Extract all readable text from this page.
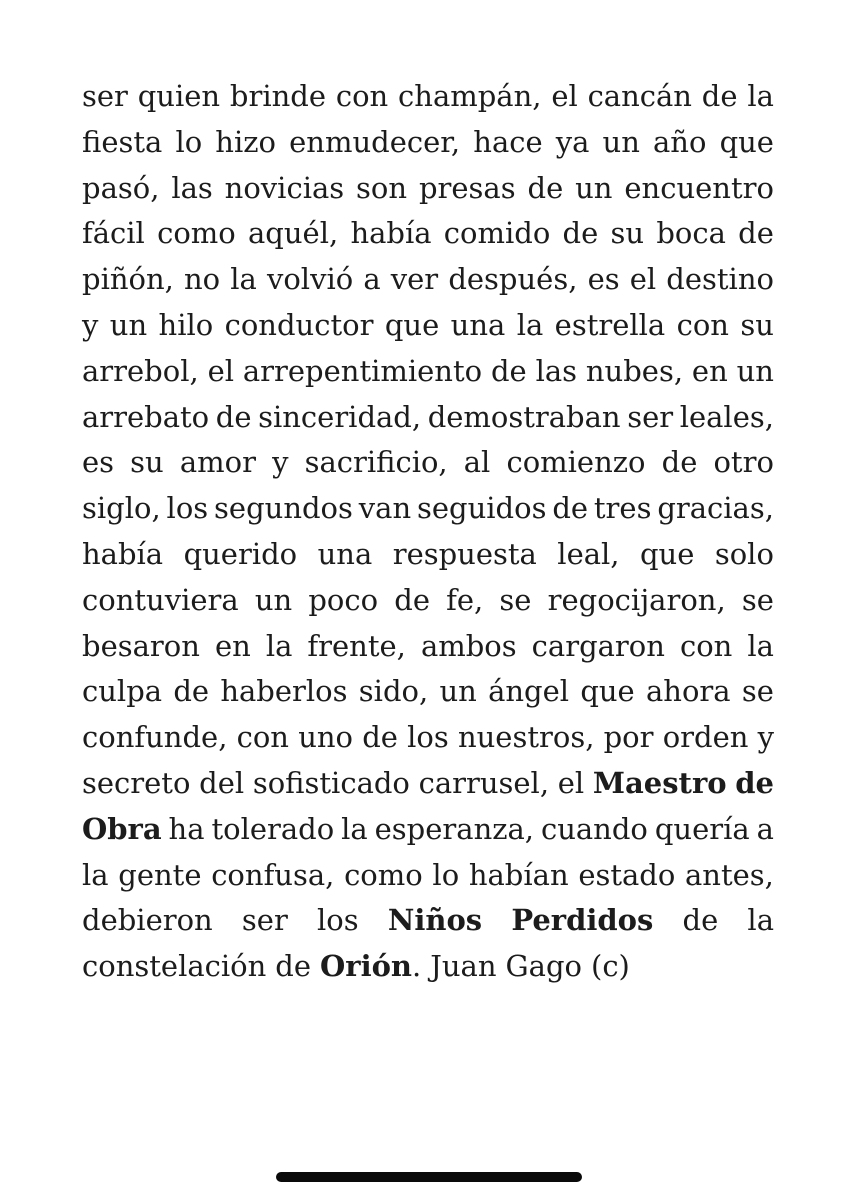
ser quien brinde con champán, el cancán de la
fiesta lo hizo enmudecer, hace ya un año que
pasó, las novicias son presas de un encuentro
fácil como aquél, había comido de su boca de
piñón, no la volvió a ver después, es el destino
y un hilo conductor que una la estrella con su
arrebol, el arrepentimiento de las nubes, en un
arrebato de sinceridad, demostraban ser leales,
es su amor y sacrificio, al comienzo de otro
siglo, los segundos van seguidos de tres gracias,
había querido una respuesta leal, que solo
contuviera un poco de fe, se regocijaron, se
besaron en la frente, ambos cargaron con la
culpa de haberlos sido, un ángel que ahora se
confunde, con uno de los nuestros, por orden y
secreto del sofisticado carrusel, el Maestro de
Obra ha tolerado la esperanza, cuando quería a
la gente confusa, como lo habían estado antes,
debieron ser los Niños Perdidos de la
constelación de Orión. Juan Gago (c)
